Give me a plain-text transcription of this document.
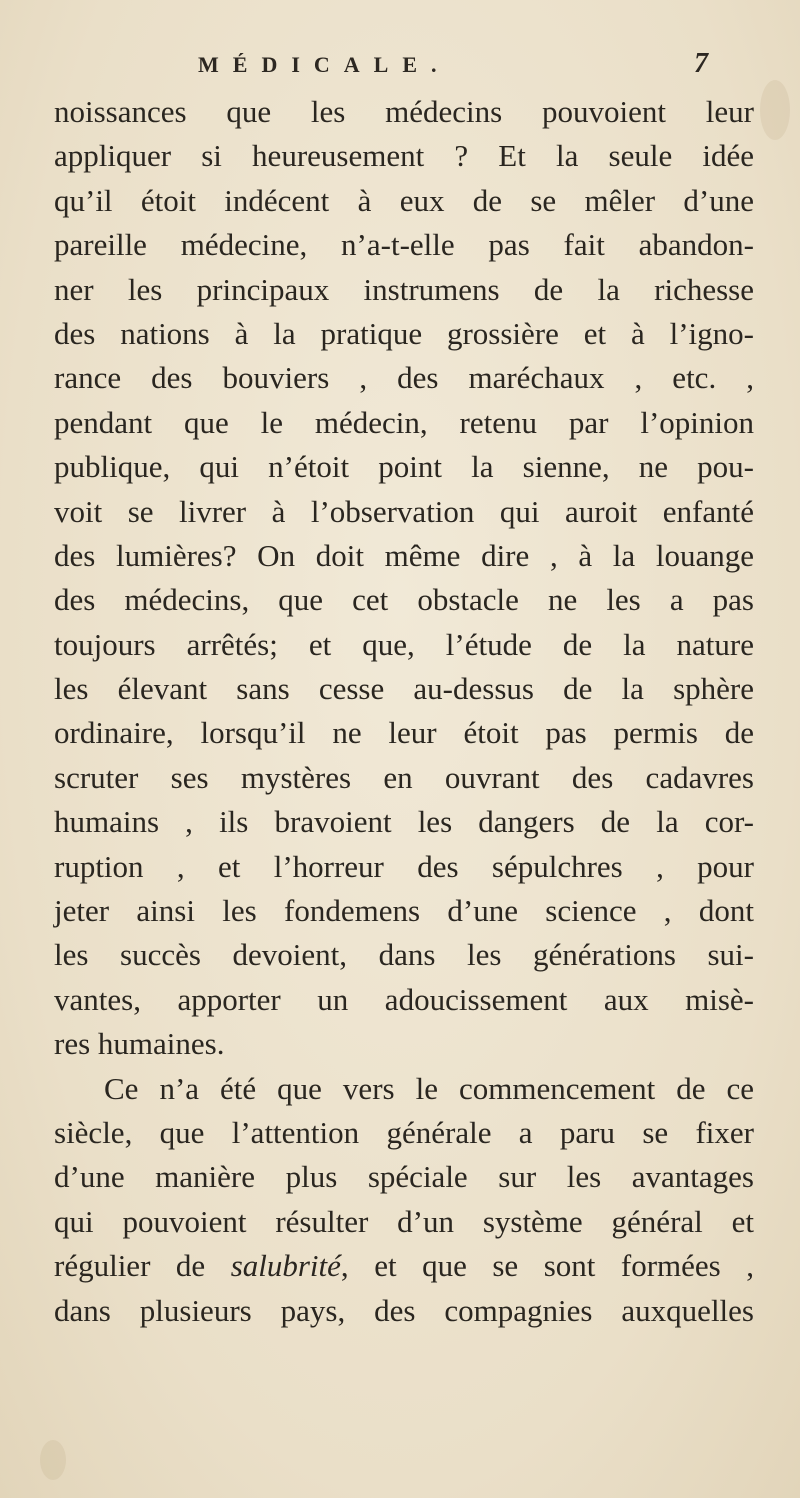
MÉDICALE.	7
noissances que les médecins pouvoient leur
appliquer si heureusement ? Et la seule idée
qu’il étoit indécent à eux de se mêler d’une
pareille médecine, n’a-t-elle pas fait abandon-
ner les principaux instrumens de la richesse
des nations à la pratique grossière et à l’igno-
rance des bouviers , des maréchaux , etc. ,
pendant que le médecin, retenu par l’opinion
publique, qui n’étoit point la sienne, ne pou-
voit se livrer à l’observation qui auroit enfanté
des lumières? On doit même dire , à la louange
des médecins, que cet obstacle ne les a pas
toujours arrêtés; et que, l’étude de la nature
les élevant sans cesse au-dessus de la sphère
ordinaire, lorsqu’il ne leur étoit pas permis de
scruter ses mystères en ouvrant des cadavres
humains , ils bravoient les dangers de la cor-
ruption , et l’horreur des sépulchres , pour
jeter ainsi les fondemens d’une science , dont
les succès devoient, dans les générations sui-
vantes, apporter un adoucissement aux misè-
res humaines.
Ce n’a été que vers le commencement de ce
siècle, que l’attention générale a paru se fixer
d’une manière plus spéciale sur les avantages
qui pouvoient résulter d’un système général et
régulier de salubrité, et que se sont formées ,
dans plusieurs pays, des compagnies auxquelles
